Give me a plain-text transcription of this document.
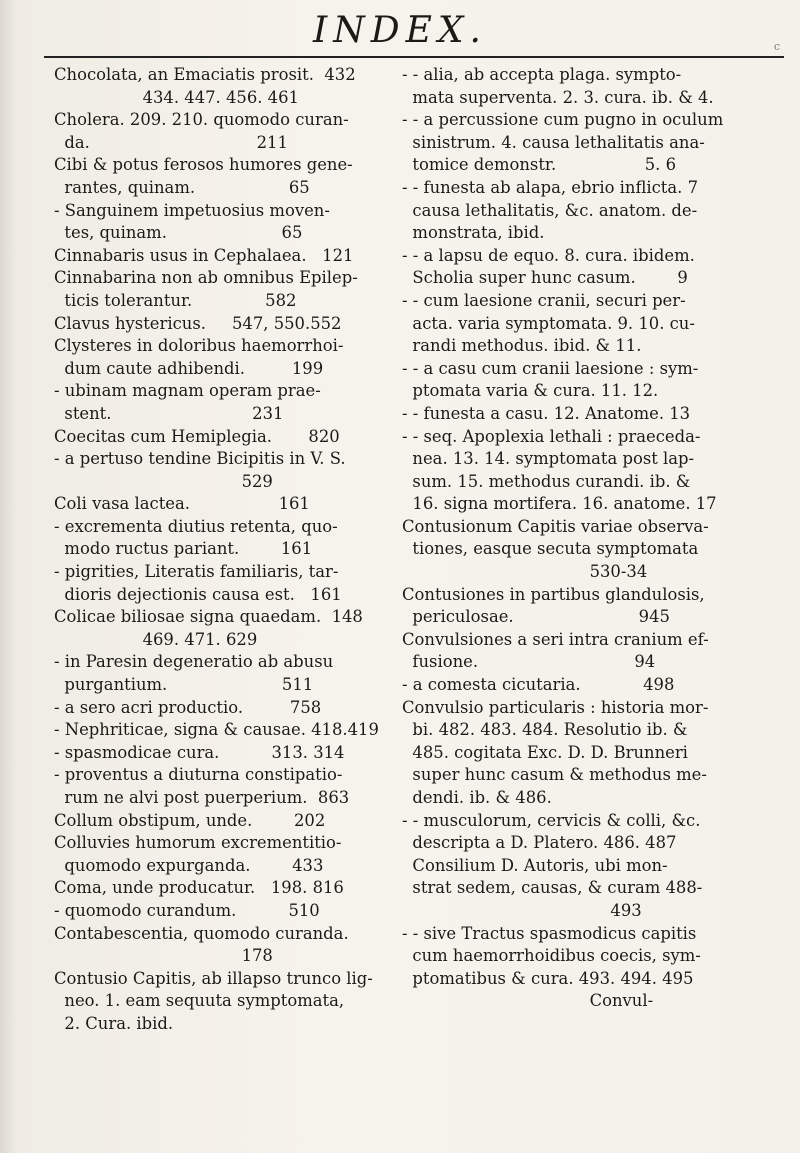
INDEX.	c
Chocolata, an Emaciatis prosit.  432
434. 447. 456. 461
Cholera. 209. 210. quomodo curan-
da.                                211
Cibi & potus ferosos humores gene-
rantes, quinam.                  65
- Sanguinem impetuosius moven-
tes, quinam.                      65
Cinnabaris usus in Cephalaea.   121
Cinnabarina non ab omnibus Epilep-
ticis tolerantur.              582
Clavus hystericus.     547, 550.552
Clysteres in doloribus haemorrhoi-
dum caute adhibendi.         199
- ubinam magnam operam prae-
stent.                           231
Coecitas cum Hemiplegia.       820
- a pertuso tendine Bicipitis in V. S.
529
Coli vasa lactea.                 161
- excrementa diutius retenta, quo-
modo ructus pariant.        161
- pigrities, Literatis familiaris, tar-
dioris dejectionis causa est.   161
Colicae biliosae signa quaedam.  148
469. 471. 629
- in Paresin degeneratio ab abusu
purgantium.                      511
- a sero acri productio.         758
- Nephriticae, signa & causae. 418.419
- spasmodicae cura.          313. 314
- proventus a diuturna constipatio-
rum ne alvi post puerperium.  863
Collum obstipum, unde.        202
Colluvies humorum excrementitio-
quomodo expurganda.        433
Coma, unde producatur.   198. 816
- quomodo curandum.          510
Contabescentia, quomodo curanda.
178
Contusio Capitis, ab illapso trunco lig-
neo. 1. eam sequuta symptomata,
2. Cura. ibid.
- - alia, ab accepta plaga. sympto-
mata superventa. 2. 3. cura. ib. & 4.
- - a percussione cum pugno in oculum
sinistrum. 4. causa lethalitatis ana-
tomice demonstr.                 5. 6
- - funesta ab alapa, ebrio inflicta. 7
causa lethalitatis, &c. anatom. de-
monstrata, ibid.
- - a lapsu de equo. 8. cura. ibidem.
Scholia super hunc casum.        9
- - cum laesione cranii, securi per-
acta. varia symptomata. 9. 10. cu-
randi methodus. ibid. & 11.
- - a casu cum cranii laesione : sym-
ptomata varia & cura. 11. 12.
- - funesta a casu. 12. Anatome. 13
- - seq. Apoplexia lethali : praeceda-
nea. 13. 14. symptomata post lap-
sum. 15. methodus curandi. ib. &
16. signa mortifera. 16. anatome. 17
Contusionum Capitis variae observa-
tiones, easque secuta symptomata
530-34
Contusiones in partibus glandulosis,
periculosae.                        945
Convulsiones a seri intra cranium ef-
fusione.                              94
- a comesta cicutaria.            498
Convulsio particularis : historia mor-
bi. 482. 483. 484. Resolutio ib. &
485. cogitata Exc. D. D. Brunneri
super hunc casum & methodus me-
dendi. ib. & 486.
- - musculorum, cervicis & colli, &c.
descripta a D. Platero. 486. 487
Consilium D. Autoris, ubi mon-
strat sedem, causas, & curam 488-
493
- - sive Tractus spasmodicus capitis
cum haemorrhoidibus coecis, sym-
ptomatibus & cura. 493. 494. 495
Convul-
